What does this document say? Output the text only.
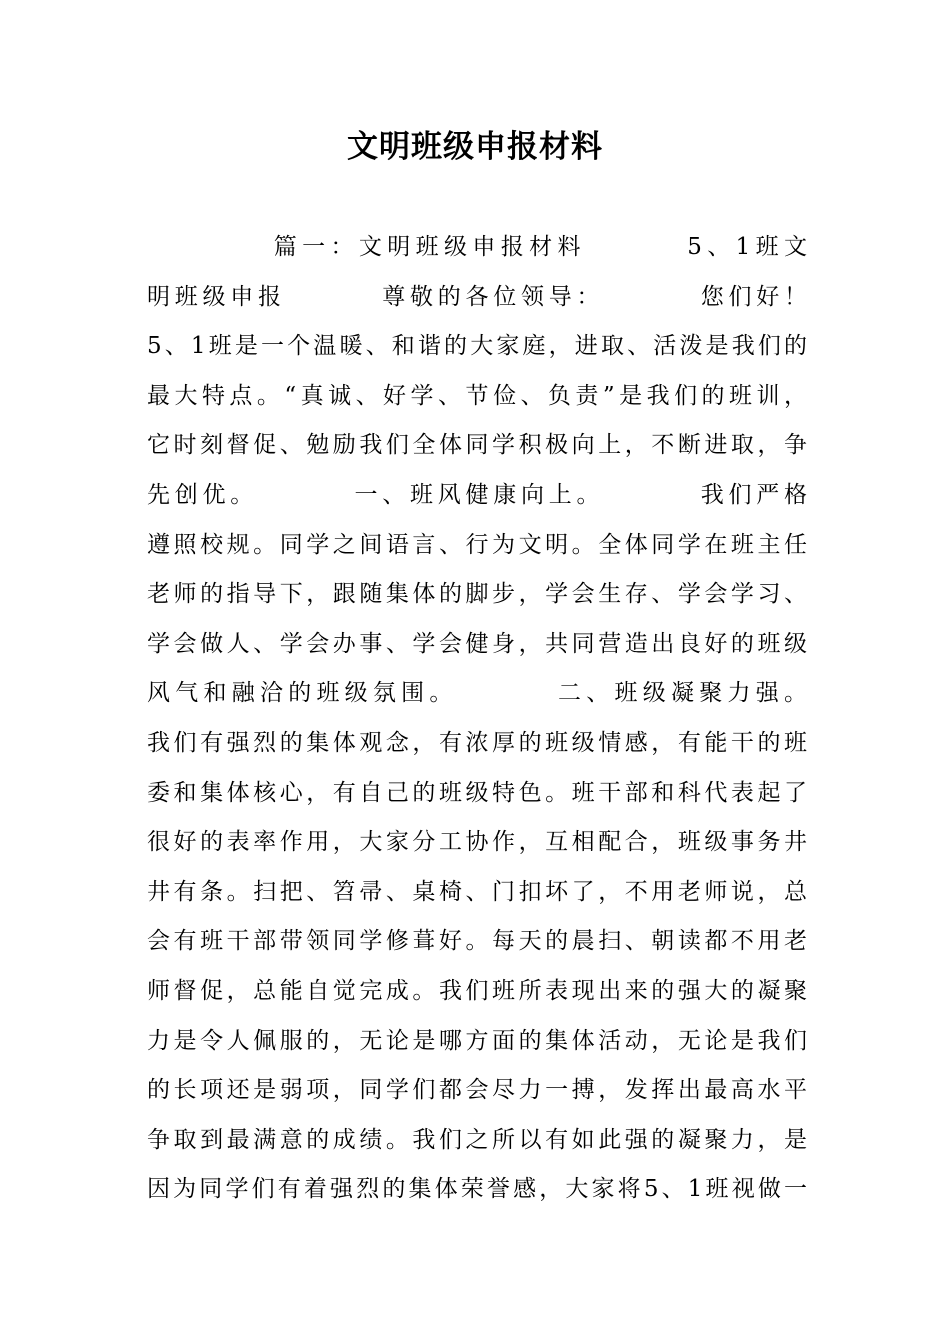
文明班级申报材料
篇一：文明班级申报材料        5、1班文
明班级申报        尊敬的各位领导：        您们好！
5、1班是一个温暖、和谐的大家庭，进取、活泼是我们的
最大特点。“真诚、好学、节俭、负责”是我们的班训，
它时刻督促、勉励我们全体同学积极向上，不断进取，争
先创优。        一、班风健康向上。        我们严格
遵照校规。同学之间语言、行为文明。全体同学在班主任
老师的指导下，跟随集体的脚步，学会生存、学会学习、
学会做人、学会办事、学会健身，共同营造出良好的班级
风气和融洽的班级氛围。        二、班级凝聚力强。
我们有强烈的集体观念，有浓厚的班级情感，有能干的班
委和集体核心，有自己的班级特色。班干部和科代表起了
很好的表率作用，大家分工协作，互相配合，班级事务井
井有条。扫把、笤帚、桌椅、门扣坏了，不用老师说，总
会有班干部带领同学修葺好。每天的晨扫、朝读都不用老
师督促，总能自觉完成。我们班所表现出来的强大的凝聚
力是令人佩服的，无论是哪方面的集体活动，无论是我们
的长项还是弱项，同学们都会尽力一搏，发挥出最高水平
争取到最满意的成绩。我们之所以有如此强的凝聚力，是
因为同学们有着强烈的集体荣誉感，大家将5、1班视做一
